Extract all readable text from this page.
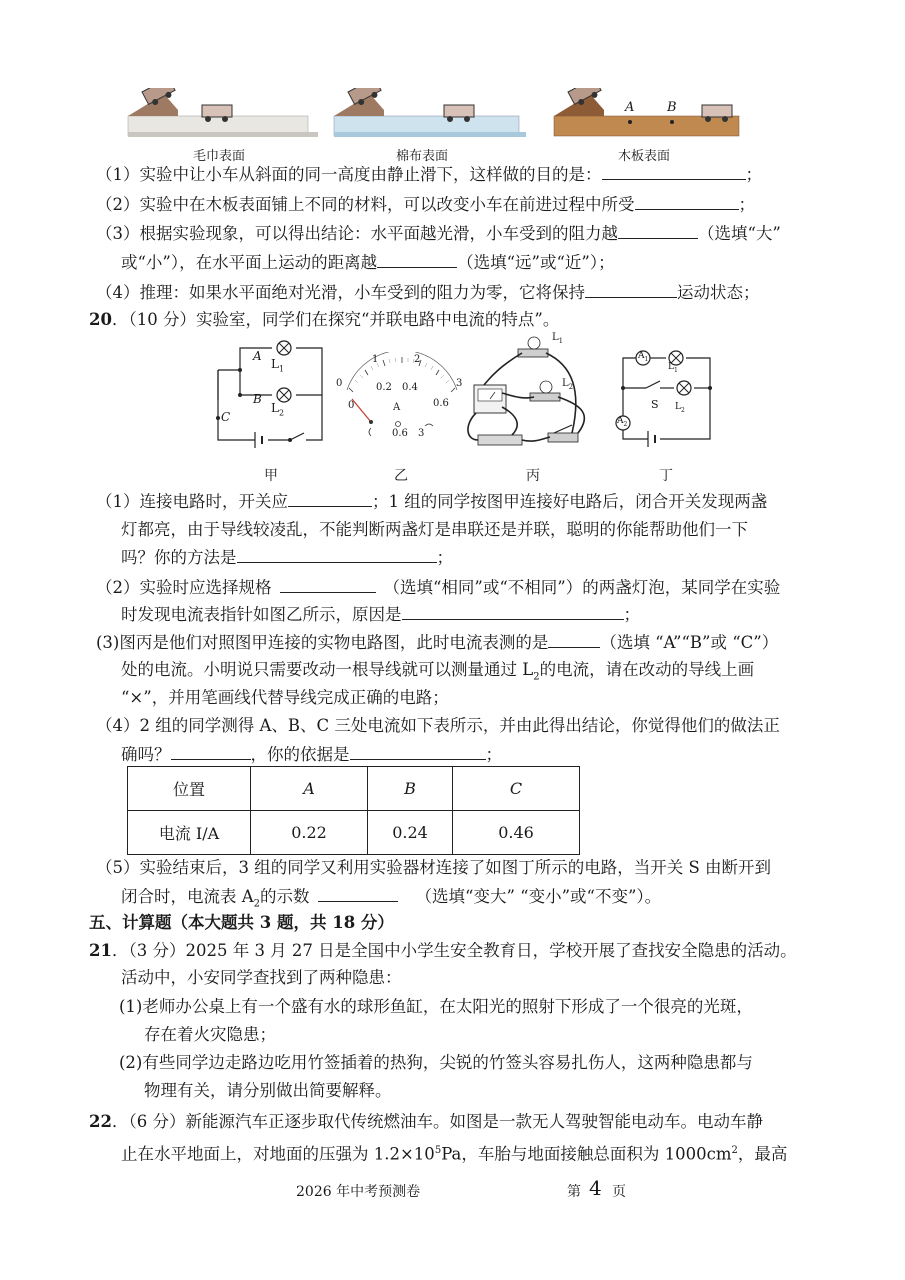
A	B
毛巾表面	棉布表面	木板表面
（1）实验中让小车从斜面的同一高度由静止滑下，这样做的目的是：	；
（2）实验中在木板表面铺上不同的材料，可以改变小车在前进过程中所受	；
（3）根据实验现象，可以得出结论：水平面越光滑，小车受到的阻力越	（选填“大”
或“小”），在水平面上运动的距离越	（选填“远”或“近”）；
（4）推理：如果水平面绝对光滑，小车受到的阻力为零，它将保持	运动状态；
20．（10 分）实验室，同学们在探究“并联电路中电流的特点”。
A
$L_1$
B
$L_2$
C
1	2
0	3
0.2 0.4
0	0.6
A
0.6 3
$L_1$
$L_2$
$A_1$
$L_1$
S $L_2$
$A_2$
甲	乙	丙	丁
（1）连接电路时，开关应	；1 组的同学按图甲连接好电路后，闭合开关发现两盏
灯都亮，由于导线较凌乱，不能判断两盏灯是串联还是并联，聪明的你能帮助他们一下
吗？你的方法是	；
（2）实验时应选择规格	（选填“相同”或“不相同”）的两盏灯泡，某同学在实验
时发现电流表指针如图乙所示，原因是	；
(3)图丙是他们对照图甲连接的实物电路图，此时电流表测的是	（选填 “A”“B”或 “C”）
处的电流。小明说只需要改动一根导线就可以测量通过 $L_2$的电流，请在改动的导线上画
“×”，并用笔画线代替导线完成正确的电路；
（4）2 组的同学测得 A、B、C 三处电流如下表所示，并由此得出结论，你觉得他们的做法正
确吗？	，你的依据是	；
位置	A	B	C
电流 I/A	0.22	0.24	0.46
（5）实验结束后，3 组的同学又利用实验器材连接了如图丁所示的电路，当开关 S 由断开到
闭合时，电流表 $A_2$的示数	（选填“变大” “变小”或“不变”）。
五、计算题（本大题共 3 题，共 18 分）
21．（3 分）2025 年 3 月 27 日是全国中小学生安全教育日，学校开展了查找安全隐患的活动。
活动中，小安同学查找到了两种隐患：
(1)老师办公桌上有一个盛有水的球形鱼缸，在太阳光的照射下形成了一个很亮的光斑，
存在着火灾隐患；
(2)有些同学边走路边吃用竹签插着的热狗，尖锐的竹签头容易扎伤人，这两种隐患都与
物理有关，请分别做出简要解释。
22．（6 分）新能源汽车正逐步取代传统燃油车。如图是一款无人驾驶智能电动车。电动车静
止在水平地面上，对地面的压强为 $1.2\times 10^5Pa$，车胎与地面接触总面积为 $1000cm^2$，最高
2026 年中考预测卷	第 4 页
